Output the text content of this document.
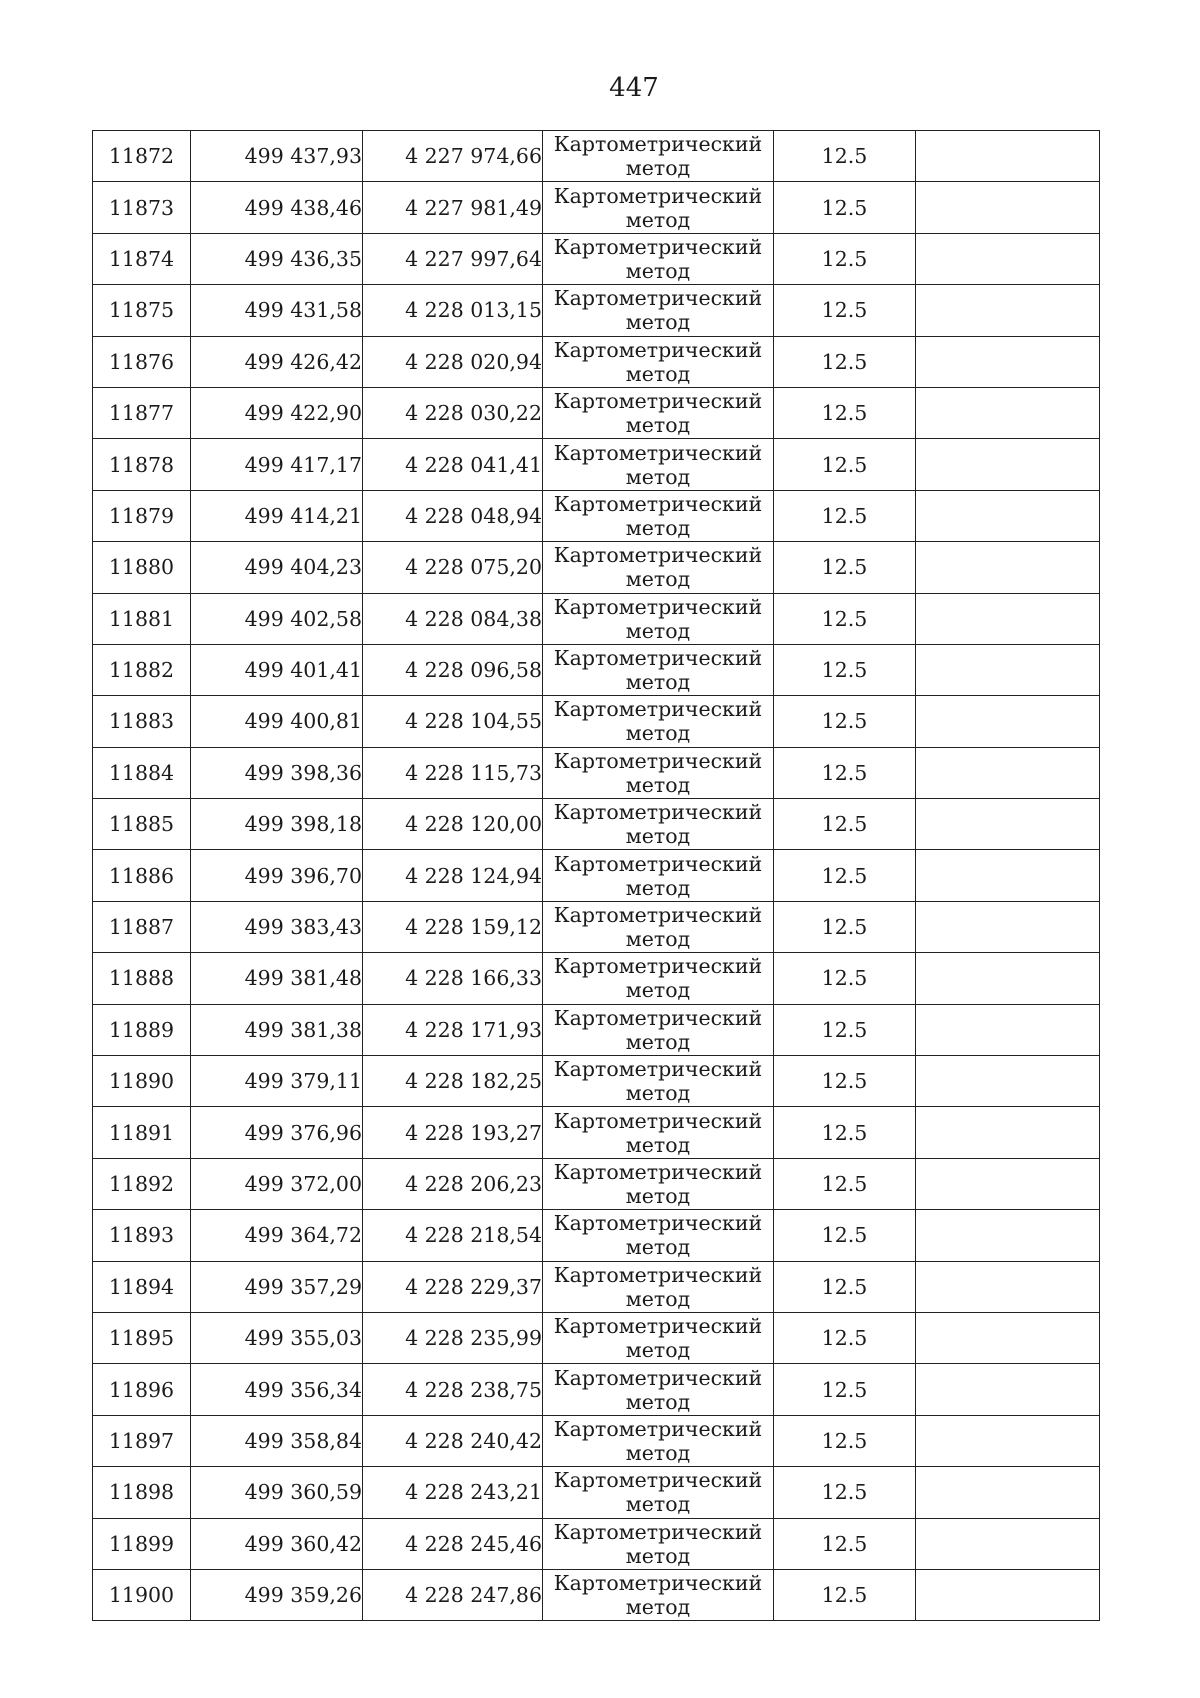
447
11872	499 437,93	4 227 974,66	Картометрический
метод	12.5	
11873	499 438,46	4 227 981,49	Картометрический
метод	12.5	
11874	499 436,35	4 227 997,64	Картометрический
метод	12.5	
11875	499 431,58	4 228 013,15	Картометрический
метод	12.5	
11876	499 426,42	4 228 020,94	Картометрический
метод	12.5	
11877	499 422,90	4 228 030,22	Картометрический
метод	12.5	
11878	499 417,17	4 228 041,41	Картометрический
метод	12.5	
11879	499 414,21	4 228 048,94	Картометрический
метод	12.5	
11880	499 404,23	4 228 075,20	Картометрический
метод	12.5	
11881	499 402,58	4 228 084,38	Картометрический
метод	12.5	
11882	499 401,41	4 228 096,58	Картометрический
метод	12.5	
11883	499 400,81	4 228 104,55	Картометрический
метод	12.5	
11884	499 398,36	4 228 115,73	Картометрический
метод	12.5	
11885	499 398,18	4 228 120,00	Картометрический
метод	12.5	
11886	499 396,70	4 228 124,94	Картометрический
метод	12.5	
11887	499 383,43	4 228 159,12	Картометрический
метод	12.5	
11888	499 381,48	4 228 166,33	Картометрический
метод	12.5	
11889	499 381,38	4 228 171,93	Картометрический
метод	12.5	
11890	499 379,11	4 228 182,25	Картометрический
метод	12.5	
11891	499 376,96	4 228 193,27	Картометрический
метод	12.5	
11892	499 372,00	4 228 206,23	Картометрический
метод	12.5	
11893	499 364,72	4 228 218,54	Картометрический
метод	12.5	
11894	499 357,29	4 228 229,37	Картометрический
метод	12.5	
11895	499 355,03	4 228 235,99	Картометрический
метод	12.5	
11896	499 356,34	4 228 238,75	Картометрический
метод	12.5	
11897	499 358,84	4 228 240,42	Картометрический
метод	12.5	
11898	499 360,59	4 228 243,21	Картометрический
метод	12.5	
11899	499 360,42	4 228 245,46	Картометрический
метод	12.5	
11900	499 359,26	4 228 247,86	Картометрический
метод	12.5	
